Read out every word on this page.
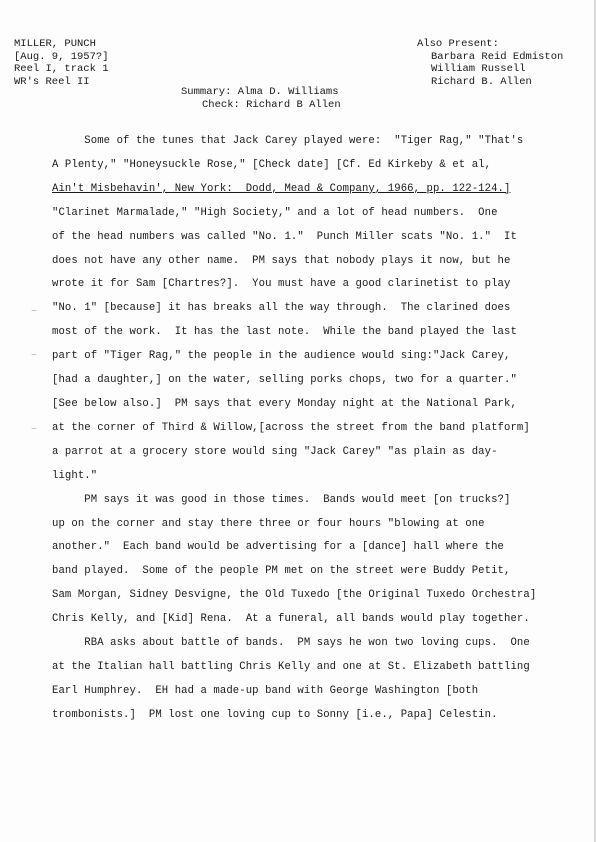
MILLER, PUNCH
[Aug. 9, 1957?]
Reel I, track 1
WR's Reel II
Also Present:
Barbara Reid Edmiston
William Russell
Richard B. Allen
Summary: Alma D. Williams
Check: Richard B Allen
Some of the tunes that Jack Carey played were:  "Tiger Rag," "That's
A Plenty," "Honeysuckle Rose," [Check date] [Cf. Ed Kirkeby & et al,
Ain't Misbehavin', New York:  Dodd, Mead & Company, 1966, pp. 122-124.]
"Clarinet Marmalade," "High Society," and a lot of head numbers.  One
of the head numbers was called "No. 1."  Punch Miller scats "No. 1."  It
does not have any other name.  PM says that nobody plays it now, but he
wrote it for Sam [Chartres?].  You must have a good clarinetist to play
"No. 1" [because] it has breaks all the way through.  The clarined does
most of the work.  It has the last note.  While the band played the last
part of "Tiger Rag," the people in the audience would sing:"Jack Carey,
[had a daughter,] on the water, selling porks chops, two for a quarter."
[See below also.]  PM says that every Monday night at the National Park,
at the corner of Third & Willow,[across the street from the band platform]
a parrot at a grocery store would sing "Jack Carey" "as plain as day-
light."
PM says it was good in those times.  Bands would meet [on trucks?]
up on the corner and stay there three or four hours "blowing at one
another."  Each band would be advertising for a [dance] hall where the
band played.  Some of the people PM met on the street were Buddy Petit,
Sam Morgan, Sidney Desvigne, the Old Tuxedo [the Original Tuxedo Orchestra]
Chris Kelly, and [Kid] Rena.  At a funeral, all bands would play together.
RBA asks about battle of bands.  PM says he won two loving cups.  One
at the Italian hall battling Chris Kelly and one at St. Elizabeth battling
Earl Humphrey.  EH had a made-up band with George Washington [both
trombonists.]  PM lost one loving cup to Sonny [i.e., Papa] Celestin.
⌣
⌣
⌣
